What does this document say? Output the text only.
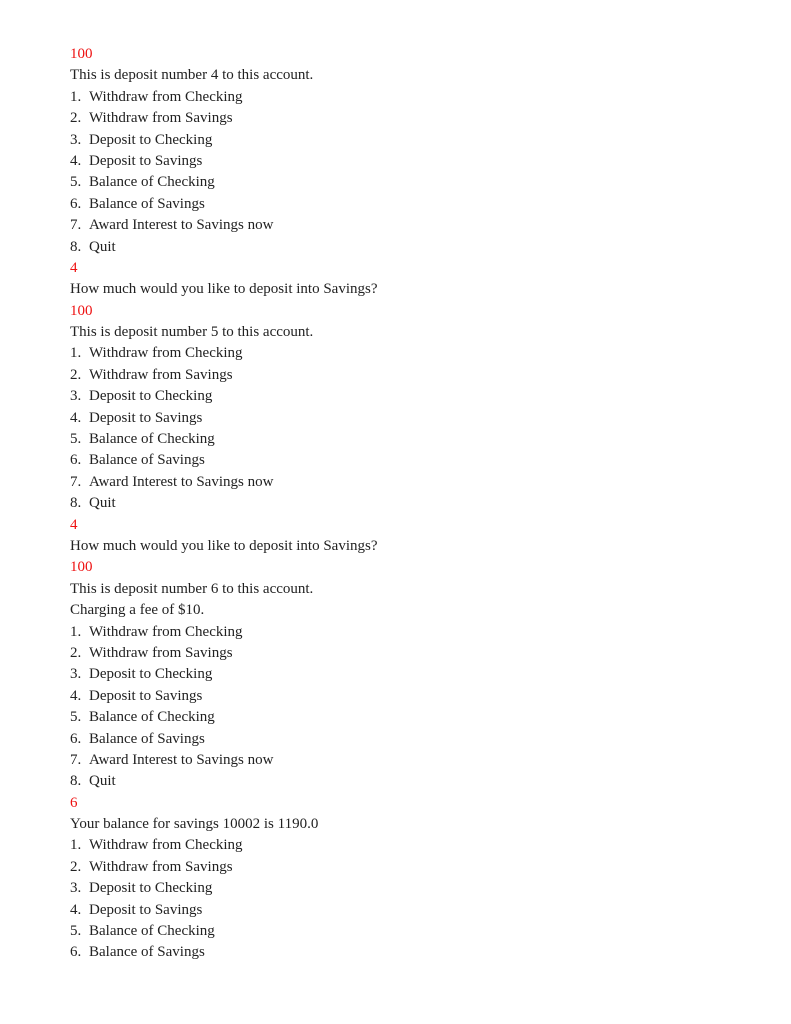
100
This is deposit number 4 to this account.
1. Withdraw from Checking
2. Withdraw from Savings
3. Deposit to Checking
4. Deposit to Savings
5. Balance of Checking
6. Balance of Savings
7. Award Interest to Savings now
8. Quit
4
How much would you like to deposit into Savings?
100
This is deposit number 5 to this account.
1. Withdraw from Checking
2. Withdraw from Savings
3. Deposit to Checking
4. Deposit to Savings
5. Balance of Checking
6. Balance of Savings
7. Award Interest to Savings now
8. Quit
4
How much would you like to deposit into Savings?
100
This is deposit number 6 to this account.
Charging a fee of $10.
1. Withdraw from Checking
2. Withdraw from Savings
3. Deposit to Checking
4. Deposit to Savings
5. Balance of Checking
6. Balance of Savings
7. Award Interest to Savings now
8. Quit
6
Your balance for savings 10002 is 1190.0
1. Withdraw from Checking
2. Withdraw from Savings
3. Deposit to Checking
4. Deposit to Savings
5. Balance of Checking
6. Balance of Savings
